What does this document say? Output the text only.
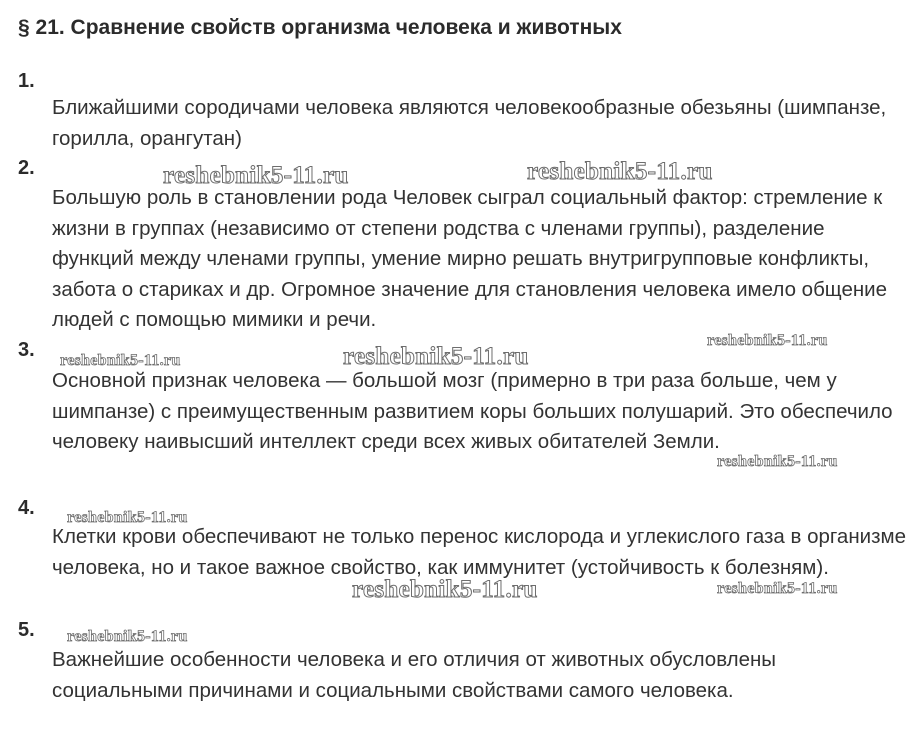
§ 21. Сравнение свойств организма человека и животных
1.
Ближайшими сородичами человека являются человекообразные обезьяны (шимпанзе, горилла, орангутан)
2.
Большую роль в становлении рода Человек сыграл социальный фактор: стремление к жизни в группах (независимо от степени родства с членами группы), разделение функций между членами группы, умение мирно решать внутригрупповые конфликты, забота о стариках и др. Огромное значение для становления человека имело общение людей с помощью мимики и речи.
3.
Основной признак человека — большой мозг (примерно в три раза больше, чем у шимпанзе) с преимущественным развитием коры больших полушарий. Это обеспечило человеку наивысший интеллект среди всех живых обитателей Земли.
4.
Клетки крови обеспечивают не только перенос кислорода и углекислого газа в организме человека, но и такое важное свойство, как иммунитет (устойчивость к болезням).
5.
Важнейшие особенности человека и его отличия от животных обусловлены социальными причинами и социальными свойствами самого человека.
reshebnik5-11.ru	reshebnik5-11.ru
reshebnik5-11.ru	reshebnik5-11.ru
reshebnik5-11.ru
reshebnik5-11.ru
reshebnik5-11.ru
reshebnik5-11.ru	reshebnik5-11.ru
reshebnik5-11.ru
